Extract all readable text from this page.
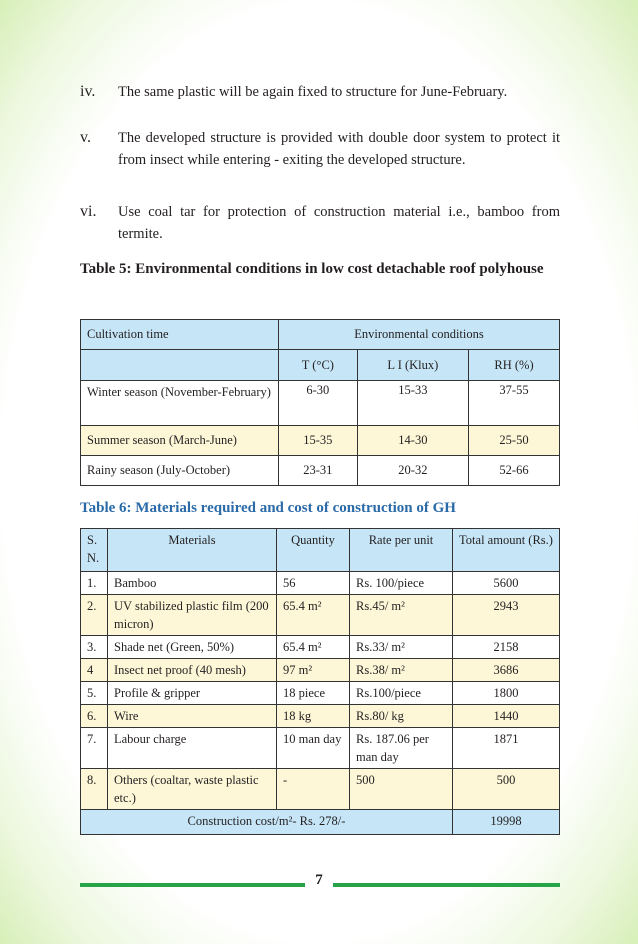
iv. The same plastic will be again fixed to structure for June-February.
v. The developed structure is provided with double door system to protect it from insect while entering - exiting the developed structure.
vi. Use coal tar for protection of construction material i.e., bamboo from termite.
Table 5: Environmental conditions in low cost detachable roof polyhouse
Cultivation time	Environmental conditions		
	T (°C)	L I (Klux)	RH (%)
Winter season (November-February)	6-30	15-33	37-55
Summer season (March-June)	15-35	14-30	25-50
Rainy season (July-October)	23-31	20-32	52-66
Table 6: Materials required and cost of construction of GH
S. N.	Materials	Quantity	Rate per unit	Total amount (Rs.)
1.	Bamboo	56	Rs. 100/piece	5600
2.	UV stabilized plastic film (200 micron)	65.4 m²	Rs.45/ m²	2943
3.	Shade net (Green, 50%)	65.4 m²	Rs.33/ m²	2158
4	Insect net proof (40 mesh)	97 m²	Rs.38/ m²	3686
5.	Profile & gripper	18 piece	Rs.100/piece	1800
6.	Wire	18 kg	Rs.80/ kg	1440
7.	Labour charge	10 man day	Rs. 187.06 per man day	1871
8.	Others (coaltar, waste plastic etc.)	-	500	500
Construction cost/m²- Rs. 278/-				19998
7
